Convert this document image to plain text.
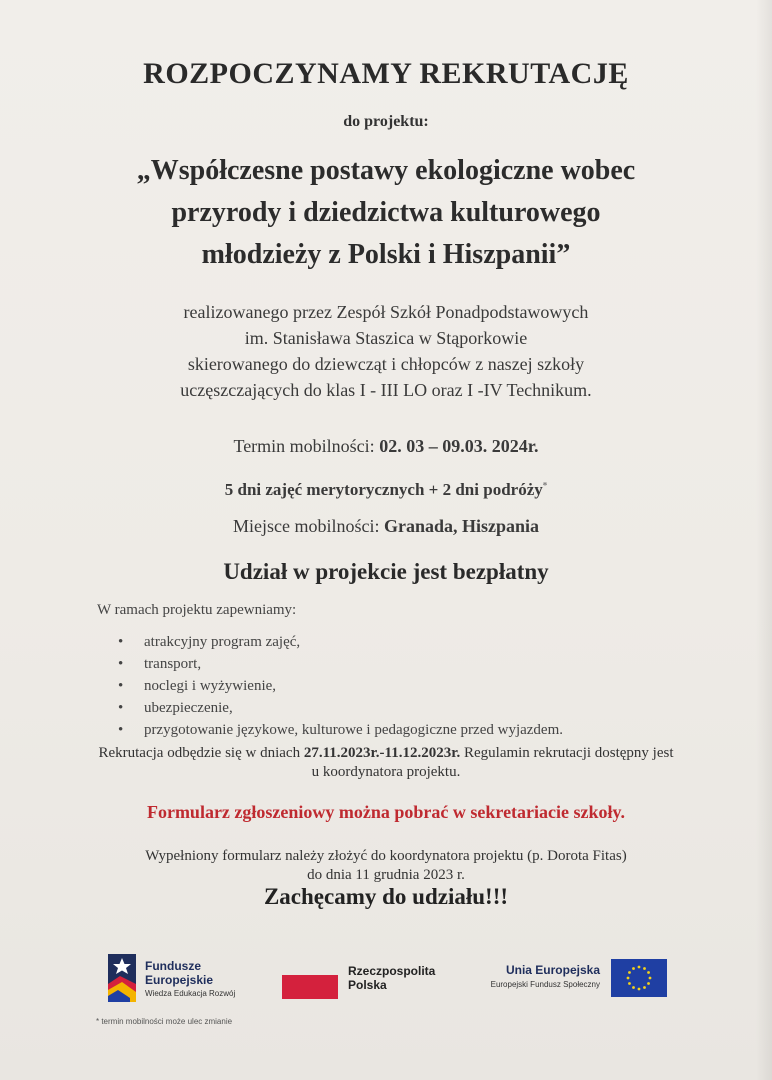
ROZPOCZYNAMY REKRUTACJĘ
do projektu:
„Współczesne postawy ekologiczne wobec
przyrody i dziedzictwa kulturowego
młodzieży z Polski i Hiszpanii”
realizowanego przez Zespół Szkół Ponadpodstawowych
im. Stanisława Staszica w Stąporkowie
skierowanego do dziewcząt i chłopców z naszej szkoły
uczęszczających do klas I - III LO oraz I -IV Technikum.
Termin mobilności: 02. 03 – 09.03. 2024r.
5 dni zajęć merytorycznych + 2 dni podróży*
Miejsce mobilności: Granada, Hiszpania
Udział w projekcie jest bezpłatny
W ramach projektu zapewniamy:
• atrakcyjny program zajęć,
• transport,
• noclegi i wyżywienie,
• ubezpieczenie,
• przygotowanie językowe, kulturowe i pedagogiczne przed wyjazdem.
Rekrutacja odbędzie się w dniach 27.11.2023r.-11.12.2023r. Regulamin rekrutacji dostępny jest u koordynatora projektu.
Formularz zgłoszeniowy można pobrać w sekretariacie szkoły.
Wypełniony formularz należy złożyć do koordynatora projektu (p. Dorota Fitas)
do dnia 11 grudnia 2023 r.
Zachęcamy do udziału!!!
Fundusze
Europejskie
Wiedza Edukacja Rozwój
Rzeczpospolita
Polska
Unia Europejska
Europejski Fundusz Społeczny
* termin mobilności może ulec zmianie
